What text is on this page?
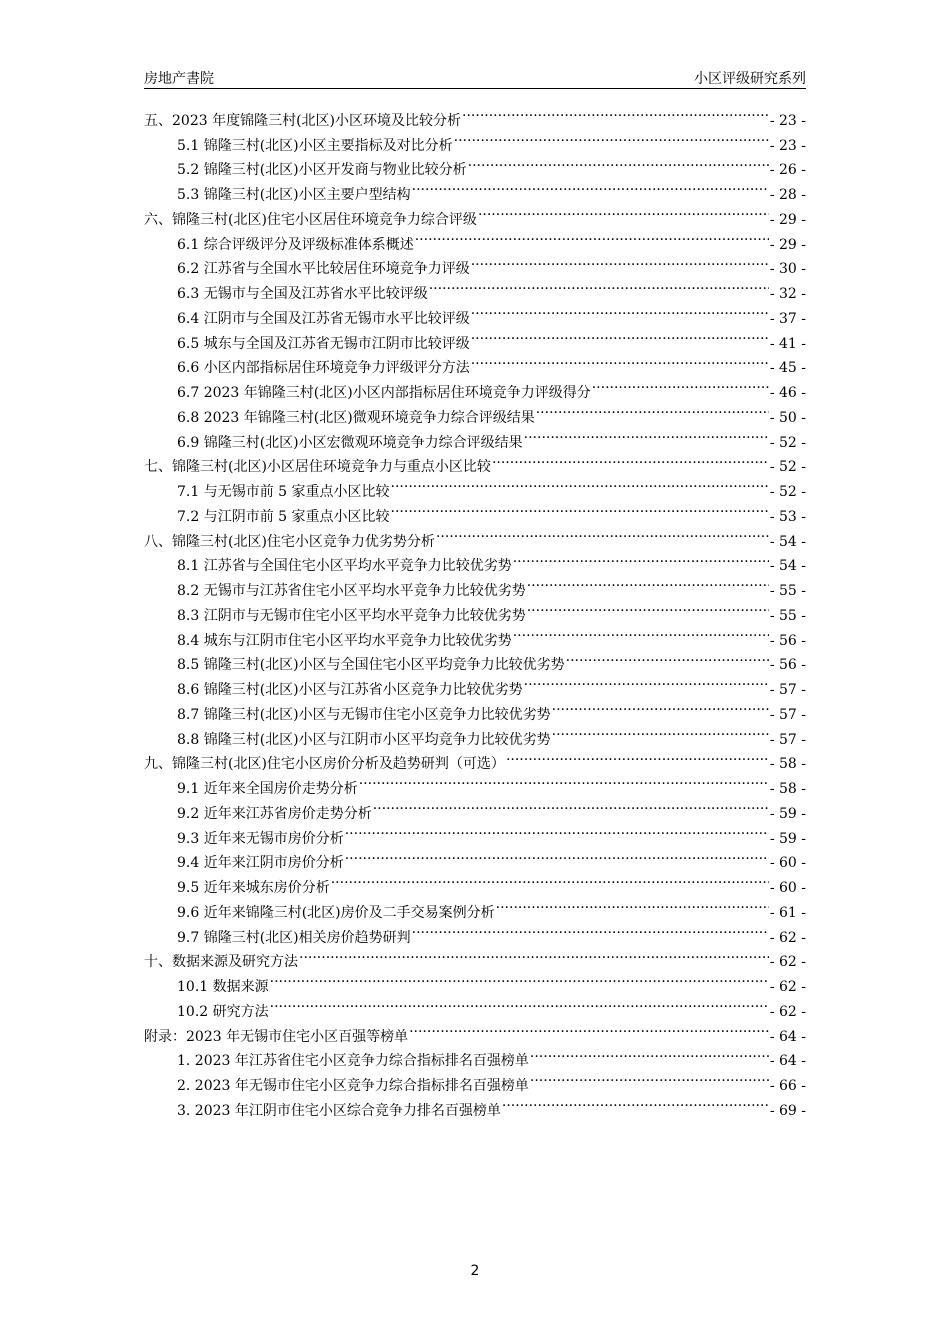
房地产書院	小区评级研究系列
五、2023 年度锦隆三村(北区)小区环境及比较分析 .....	- 23 -
5.1 锦隆三村(北区)小区主要指标及对比分析 .....	- 23 -
5.2 锦隆三村(北区)小区开发商与物业比较分析 .....	- 26 -
5.3 锦隆三村(北区)小区主要户型结构 .....	- 28 -
六、锦隆三村(北区)住宅小区居住环境竞争力综合评级 .....	- 29 -
6.1 综合评级评分及评级标准体系概述 .....	- 29 -
6.2 江苏省与全国水平比较居住环境竞争力评级 .....	- 30 -
6.3 无锡市与全国及江苏省水平比较评级 .....	- 32 -
6.4 江阴市与全国及江苏省无锡市水平比较评级 .....	- 37 -
6.5 城东与全国及江苏省无锡市江阴市比较评级 .....	- 41 -
6.6 小区内部指标居住环境竞争力评级评分方法 .....	- 45 -
6.7 2023 年锦隆三村(北区)小区内部指标居住环境竞争力评级得分 .....	- 46 -
6.8 2023 年锦隆三村(北区)微观环境竞争力综合评级结果 .....	- 50 -
6.9 锦隆三村(北区)小区宏微观环境竞争力综合评级结果 .....	- 52 -
七、锦隆三村(北区)小区居住环境竞争力与重点小区比较 .....	- 52 -
7.1 与无锡市前 5 家重点小区比较 .....	- 52 -
7.2 与江阴市前 5 家重点小区比较 .....	- 53 -
八、锦隆三村(北区)住宅小区竞争力优劣势分析 .....	- 54 -
8.1 江苏省与全国住宅小区平均水平竞争力比较优劣势 .....	- 54 -
8.2 无锡市与江苏省住宅小区平均水平竞争力比较优劣势 .....	- 55 -
8.3 江阴市与无锡市住宅小区平均水平竞争力比较优劣势 .....	- 55 -
8.4 城东与江阴市住宅小区平均水平竞争力比较优劣势 .....	- 56 -
8.5 锦隆三村(北区)小区与全国住宅小区平均竞争力比较优劣势 .....	- 56 -
8.6 锦隆三村(北区)小区与江苏省小区竞争力比较优劣势 .....	- 57 -
8.7 锦隆三村(北区)小区与无锡市住宅小区竞争力比较优劣势 .....	- 57 -
8.8 锦隆三村(北区)小区与江阴市小区平均竞争力比较优劣势 .....	- 57 -
九、锦隆三村(北区)住宅小区房价分析及趋势研判（可选） .....	- 58 -
9.1 近年来全国房价走势分析 .....	- 58 -
9.2 近年来江苏省房价走势分析 .....	- 59 -
9.3 近年来无锡市房价分析 .....	- 59 -
9.4 近年来江阴市房价分析 .....	- 60 -
9.5 近年来城东房价分析 .....	- 60 -
9.6 近年来锦隆三村(北区)房价及二手交易案例分析 .....	- 61 -
9.7 锦隆三村(北区)相关房价趋势研判 .....	- 62 -
十、数据来源及研究方法 .....	- 62 -
10.1 数据来源 .....	- 62 -
10.2 研究方法 .....	- 62 -
附录：2023 年无锡市住宅小区百强等榜单 .....	- 64 -
1. 2023 年江苏省住宅小区竞争力综合指标排名百强榜单 .....	- 64 -
2. 2023 年无锡市住宅小区竞争力综合指标排名百强榜单 .....	- 66 -
3. 2023 年江阴市住宅小区综合竞争力排名百强榜单 .....	- 69 -
2
